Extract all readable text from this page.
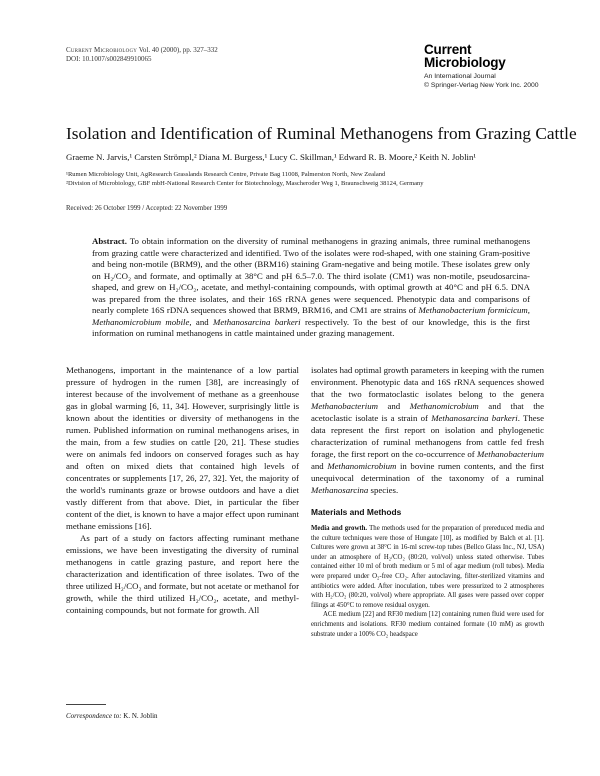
Current Microbiology Vol. 40 (2000), pp. 327–332
DOI: 10.1007/s002849910065
Current
Microbiology
An International Journal
© Springer-Verlag New York Inc. 2000
Isolation and Identification of Ruminal Methanogens from Grazing Cattle
Graeme N. Jarvis,¹ Carsten Strömpl,² Diana M. Burgess,¹ Lucy C. Skillman,¹ Edward R. B. Moore,² Keith N. Joblin¹
¹Rumen Microbiology Unit, AgResearch Grasslands Research Centre, Private Bag 11008, Palmerston North, New Zealand
²Division of Microbiology, GBF mbH-National Research Center for Biotechnology, Mascheroder Weg 1, Braunschweig 38124, Germany
Received: 26 October 1999 / Accepted: 22 November 1999
Abstract. To obtain information on the diversity of ruminal methanogens in grazing animals, three ruminal methanogens from grazing cattle were characterized and identified. Two of the isolates were rod-shaped, with one staining Gram-positive and being non-motile (BRM9), and the other (BRM16) staining Gram-negative and being motile. These isolates grew only on H₂/CO₂ and formate, and optimally at 38°C and pH 6.5–7.0. The third isolate (CM1) was non-motile, pseudosarcina-shaped, and grew on H₂/CO₂, acetate, and methyl-containing compounds, with optimal growth at 40°C and pH 6.5. DNA was prepared from the three isolates, and their 16S rRNA genes were sequenced. Phenotypic data and comparisons of nearly complete 16S rDNA sequences showed that BRM9, BRM16, and CM1 are strains of Methanobacterium formicicum, Methanomicrobium mobile, and Methanosarcina barkeri respectively. To the best of our knowledge, this is the first information on ruminal methanogens in cattle maintained under grazing management.

Methanogens, important in the maintenance of a low partial pressure of hydrogen in the rumen [38], are increasingly of interest because of the involvement of methane as a greenhouse gas in global warming [6, 11, 34]. However, surprisingly little is known about the identities or diversity of methanogens in the rumen. Published information on ruminal methanogens arises, in the main, from a few studies on cattle [20, 21]. These studies were on animals fed indoors on conserved forages such as hay and often on mixed diets that contained high levels of concentrates or supplements [17, 26, 27, 32]. Yet, the majority of the world's ruminants graze or browse outdoors and have a diet vastly different from that above. Diet, in particular the fiber content of the diet, is known to have a major effect upon ruminant methane emissions [16].

As part of a study on factors affecting ruminant methane emissions, we have been investigating the diversity of ruminal methanogens in cattle grazing pasture, and report here the characterization and identification of three isolates. Two of the three utilized H₂/CO₂ and formate, but not acetate or methanol for growth, while the third utilized H₂/CO₂, acetate, and methyl-containing compounds, but not formate for growth. All

Correspondence to: K. N. Joblin

isolates had optimal growth parameters in keeping with the rumen environment. Phenotypic data and 16S rRNA sequences showed that the two formatoclastic isolates belong to the genera Methanobacterium and Methanomicrobium and that the acetoclastic isolate is a strain of Methanosarcina barkeri. These data represent the first report on isolation and phylogenetic characterization of ruminal methanogens from cattle fed fresh forage, the first report on the co-occurrence of Methanobacterium and Methanomicrobium in bovine rumen contents, and the first unequivocal determination of the taxonomy of a ruminal Methanosarcina species.

Materials and Methods

Media and growth. The methods used for the preparation of prereduced media and the culture techniques were those of Hungate [10], as modified by Balch et al. [1]. Cultures were grown at 38°C in 16-ml screw-top tubes (Bellco Glass Inc., NJ, USA) under an atmosphere of H₂/CO₂ (80:20, vol/vol) unless stated otherwise. Tubes contained either 10 ml of broth medium or 5 ml of agar medium (roll tubes). Media were prepared under O₂-free CO₂. After autoclaving, filter-sterilized vitamins and antibiotics were added. After inoculation, tubes were pressurized to 2 atmospheres with H₂/CO₂ (80:20, vol/vol) where appropriate. All gases were passed over copper filings at 450°C to remove residual oxygen.

ACE medium [22] and RF30 medium [12] containing rumen fluid were used for enrichments and isolations. RF30 medium contained formate (10 mM) as growth substrate under a 100% CO₂ headspace
